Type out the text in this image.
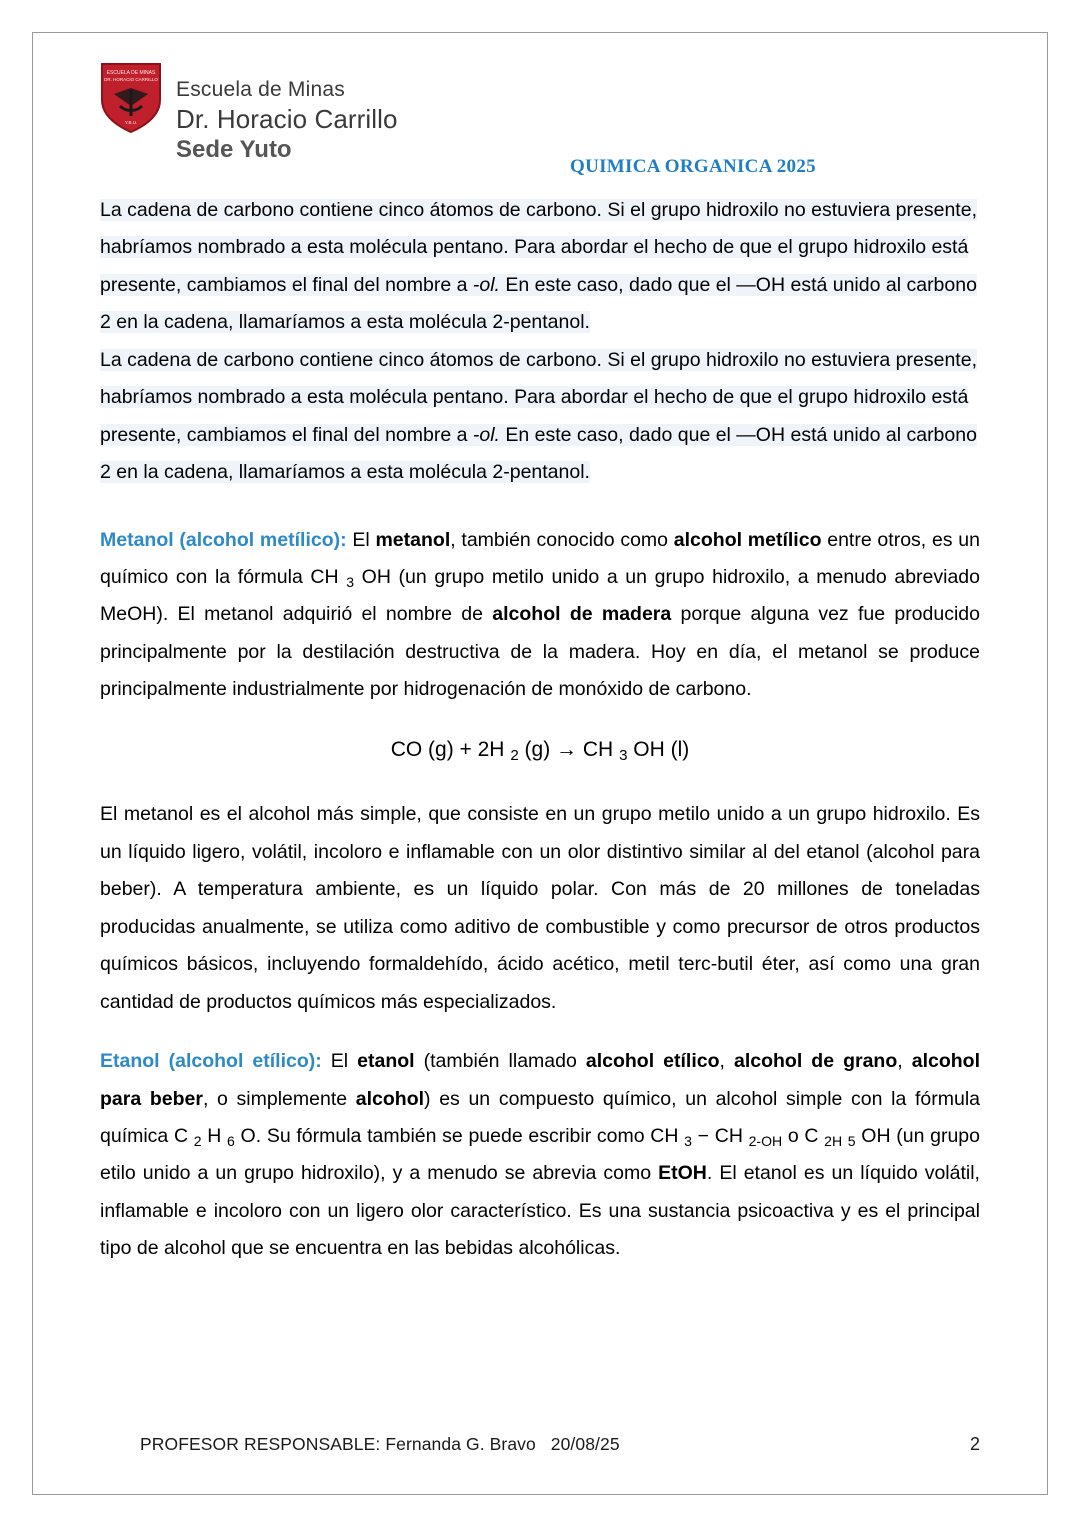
ESCUELA DE MINAS
DR. HORACIO CARRILLO
Y.B.U.
Escuela de Minas
Dr. Horacio Carrillo
Sede Yuto
QUIMICA ORGANICA 2025

La cadena de carbono contiene cinco átomos de carbono. Si el grupo hidroxilo no estuviera presente, habríamos nombrado a esta molécula pentano. Para abordar el hecho de que el grupo hidroxilo está presente, cambiamos el final del nombre a -ol. En este caso, dado que el —OH está unido al carbono 2 en la cadena, llamaríamos a esta molécula 2-pentanol.

La cadena de carbono contiene cinco átomos de carbono. Si el grupo hidroxilo no estuviera presente, habríamos nombrado a esta molécula pentano. Para abordar el hecho de que el grupo hidroxilo está presente, cambiamos el final del nombre a -ol. En este caso, dado que el —OH está unido al carbono 2 en la cadena, llamaríamos a esta molécula 2-pentanol.

Metanol (alcohol metílico): El metanol, también conocido como alcohol metílico entre otros, es un químico con la fórmula CH $_3$ OH (un grupo metilo unido a un grupo hidroxilo, a menudo abreviado MeOH). El metanol adquirió el nombre de alcohol de madera porque alguna vez fue producido principalmente por la destilación destructiva de la madera. Hoy en día, el metanol se produce principalmente industrialmente por hidrogenación de monóxido de carbono.

CO (g) + 2H $_2$ (g) → CH $_3$ OH (l)

El metanol es el alcohol más simple, que consiste en un grupo metilo unido a un grupo hidroxilo. Es un líquido ligero, volátil, incoloro e inflamable con un olor distintivo similar al del etanol (alcohol para beber). A temperatura ambiente, es un líquido polar. Con más de 20 millones de toneladas producidas anualmente, se utiliza como aditivo de combustible y como precursor de otros productos químicos básicos, incluyendo formaldehído, ácido acético, metil terc-butil éter, así como una gran cantidad de productos químicos más especializados.

Etanol (alcohol etílico): El etanol (también llamado alcohol etílico, alcohol de grano, alcohol para beber, o simplemente alcohol) es un compuesto químico, un alcohol simple con la fórmula química C $_2$ H $_6$ O. Su fórmula también se puede escribir como CH $_3$ − CH $_{2-OH}$ o C $_{2H}$ $_5$ OH (un grupo etilo unido a un grupo hidroxilo), y a menudo se abrevia como EtOH. El etanol es un líquido volátil, inflamable e incoloro con un ligero olor característico. Es una sustancia psicoactiva y es el principal tipo de alcohol que se encuentra en las bebidas alcohólicas.

PROFESOR RESPONSABLE: Fernanda G. Bravo 20/08/25	2
